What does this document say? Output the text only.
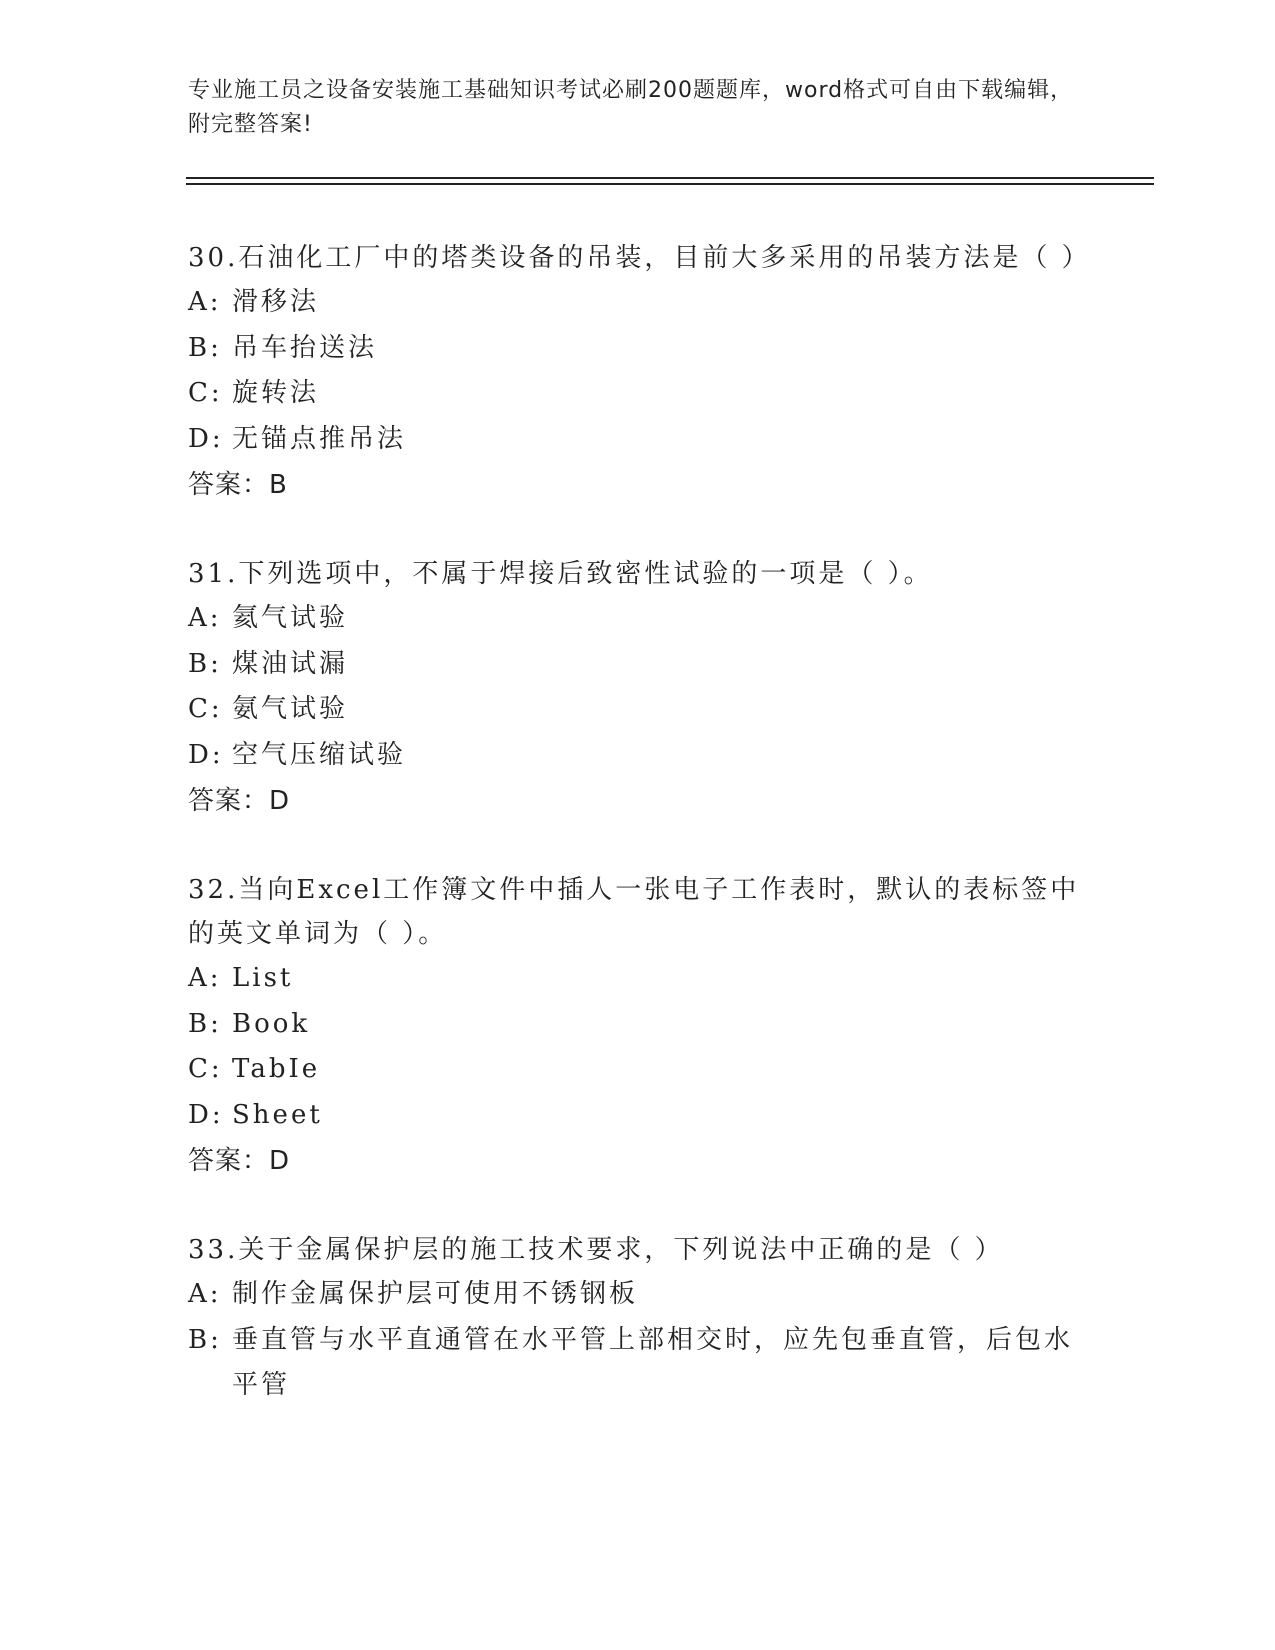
专业施工员之设备安装施工基础知识考试必刷200题题库，word格式可自由下载编辑，附完整答案!

30.石油化工厂中的塔类设备的吊装，目前大多采用的吊装方法是（ ）

A: 滑移法
B: 吊车抬送法
C: 旋转法
D: 无锚点推吊法

答案：B

31.下列选项中，不属于焊接后致密性试验的一项是（ ）。

A: 氦气试验
B: 煤油试漏
C: 氨气试验
D: 空气压缩试验

答案：D

32.当向Excel工作簿文件中插人一张电子工作表时，默认的表标签中的英文单词为（ ）。

A: List
B: Book
C: TabIe
D: Sheet

答案：D

33.关于金属保护层的施工技术要求，下列说法中正确的是（ ）

A: 制作金属保护层可使用不锈钢板
B: 垂直管与水平直通管在水平管上部相交时，应先包垂直管，后包水平管
